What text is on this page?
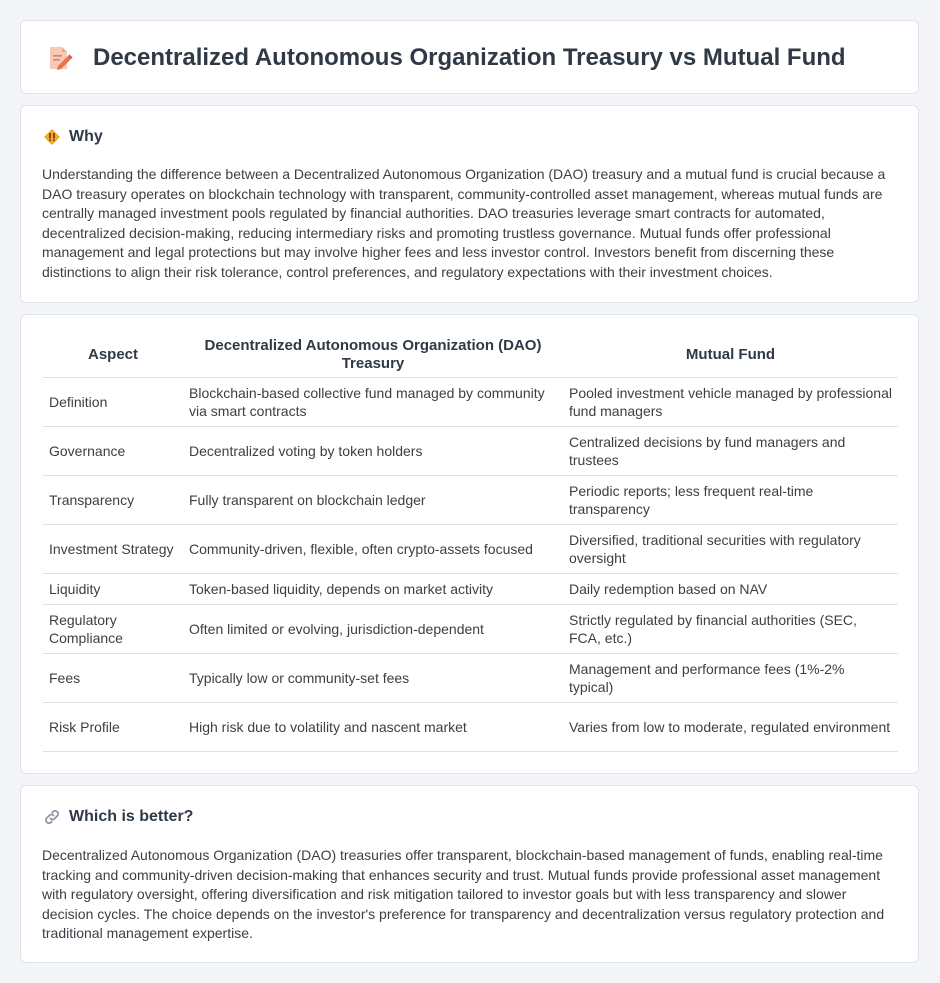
Decentralized Autonomous Organization Treasury vs Mutual Fund
Why

Understanding the difference between a Decentralized Autonomous Organization (DAO) treasury and a mutual fund is crucial because a DAO treasury operates on blockchain technology with transparent, community-controlled asset management, whereas mutual funds are centrally managed investment pools regulated by financial authorities. DAO treasuries leverage smart contracts for automated, decentralized decision-making, reducing intermediary risks and promoting trustless governance. Mutual funds offer professional management and legal protections but may involve higher fees and less investor control. Investors benefit from discerning these distinctions to align their risk tolerance, control preferences, and regulatory expectations with their investment choices.

Aspect	Decentralized Autonomous Organization (DAO) Treasury	Mutual Fund
Definition	Blockchain-based collective fund managed by community via smart contracts	Pooled investment vehicle managed by professional fund managers
Governance	Decentralized voting by token holders	Centralized decisions by fund managers and trustees
Transparency	Fully transparent on blockchain ledger	Periodic reports; less frequent real-time transparency
Investment Strategy	Community-driven, flexible, often crypto-assets focused	Diversified, traditional securities with regulatory oversight
Liquidity	Token-based liquidity, depends on market activity	Daily redemption based on NAV
Regulatory Compliance	Often limited or evolving, jurisdiction-dependent	Strictly regulated by financial authorities (SEC, FCA, etc.)
Fees	Typically low or community-set fees	Management and performance fees (1%-2% typical)
Risk Profile	High risk due to volatility and nascent market	Varies from low to moderate, regulated environment
Which is better?

Decentralized Autonomous Organization (DAO) treasuries offer transparent, blockchain-based management of funds, enabling real-time tracking and community-driven decision-making that enhances security and trust. Mutual funds provide professional asset management with regulatory oversight, offering diversification and risk mitigation tailored to investor goals but with less transparency and slower decision cycles. The choice depends on the investor's preference for transparency and decentralization versus regulatory protection and traditional management expertise.
